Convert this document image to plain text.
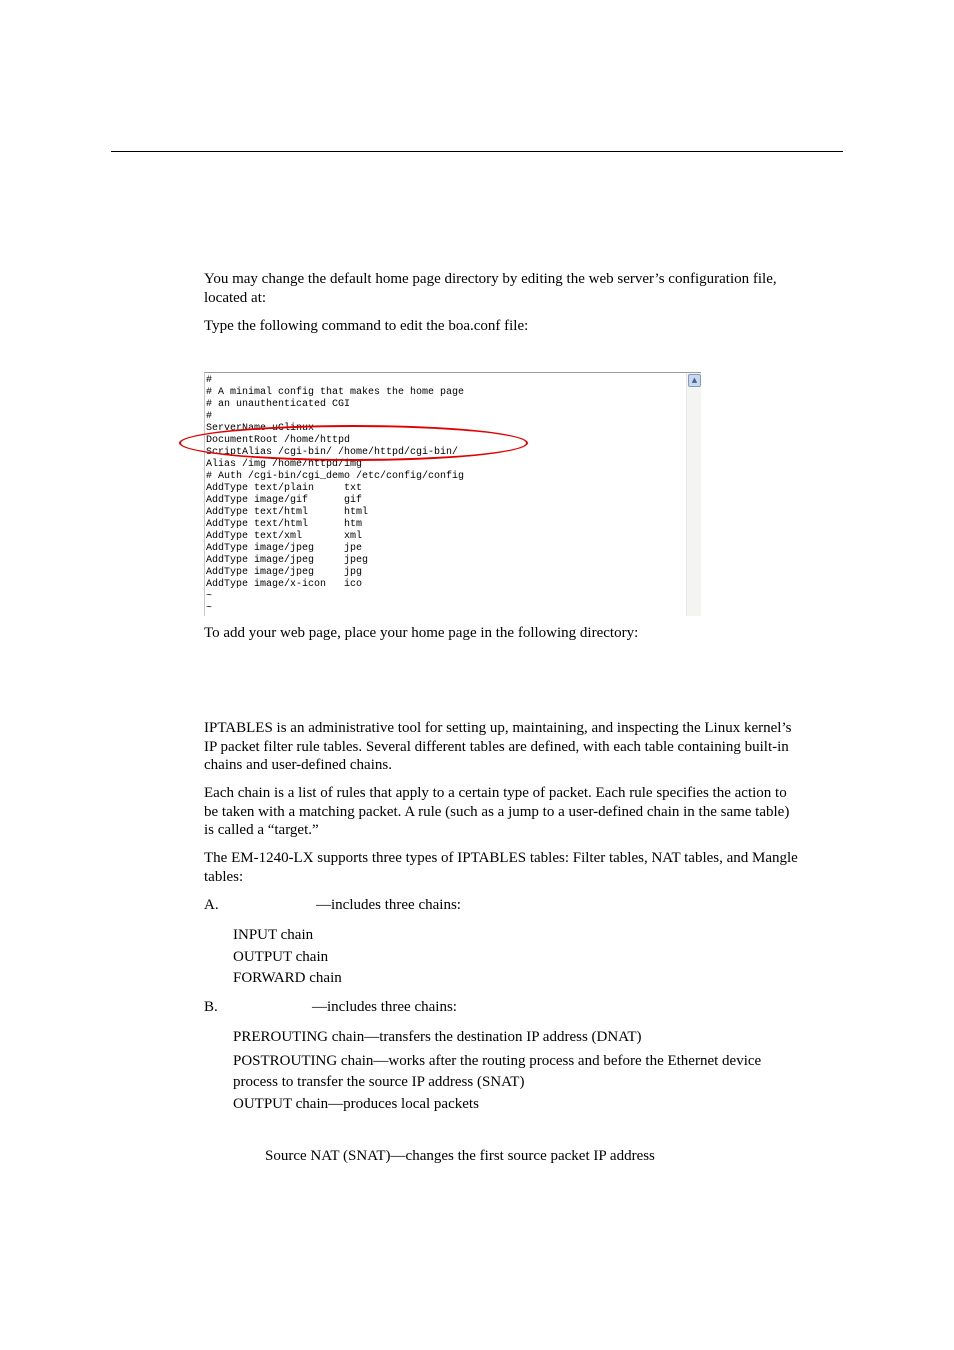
You may change the default home page directory by editing the web server’s configuration file,

located at:

Type the following command to edit the boa.conf file:

#
# A minimal config that makes the home page
# an unauthenticated CGI
#
ServerName uClinux
DocumentRoot /home/httpd
ScriptAlias /cgi-bin/ /home/httpd/cgi-bin/
Alias /img /home/httpd/img
# Auth /cgi-bin/cgi_demo /etc/config/config
AddType text/plain     txt
AddType image/gif      gif
AddType text/html      html
AddType text/html      htm
AddType text/xml       xml
AddType image/jpeg     jpe
AddType image/jpeg     jpeg
AddType image/jpeg     jpg
AddType image/x-icon   ico
~
~
▲

To add your web page, place your home page in the following directory:

IPTABLES is an administrative tool for setting up, maintaining, and inspecting the Linux kernel’s

IP packet filter rule tables. Several different tables are defined, with each table containing built-in

chains and user-defined chains.

Each chain is a list of rules that apply to a certain type of packet. Each rule specifies the action to

be taken with a matching packet. A rule (such as a jump to a user-defined chain in the same table)

is called a “target.”

The EM-1240-LX supports three types of IPTABLES tables: Filter tables, NAT tables, and Mangle

tables:

A.	—includes three chains:

INPUT chain

OUTPUT chain

FORWARD chain

B.	—includes three chains:

PREROUTING chain—transfers the destination IP address (DNAT)

POSTROUTING chain—works after the routing process and before the Ethernet device

process to transfer the source IP address (SNAT)

OUTPUT chain—produces local packets

Source NAT (SNAT)—changes the first source packet IP address
